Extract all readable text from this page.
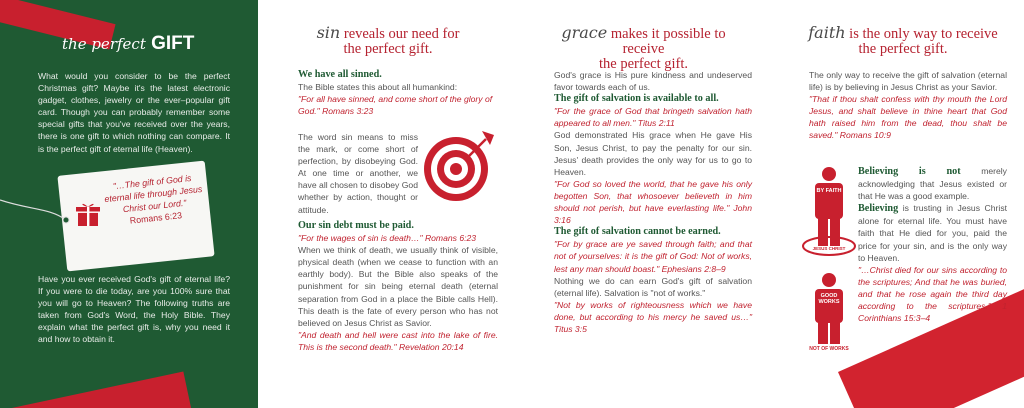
the perfect GIFT
What would you consider to be the perfect Christmas gift? Maybe it's the latest electronic gadget, clothes, jewelry or the ever–popular gift card. Though you can probably remember some special gifts that you've received over the years, there is one gift to which nothing can compare. It is the perfect gift of eternal life (Heaven).
"…The gift of God is eternal life through Jesus Christ our Lord."
Romans 6:23
Have you ever received God's gift of eternal life? If you were to die today, are you 100% sure that you will go to Heaven? The following truths are taken from God's Word, the Holy Bible. They explain what the perfect gift is, why you need it and how to obtain it.
sin reveals our need for
the perfect gift.

We have all sinned.

The Bible states this about all humankind:

"For all have sinned, and come short of the glory of God." Romans 3:23

The word sin means to miss the mark, or come short of perfection, by disobeying God. At one time or another, we have all chosen to disobey God whether by action, thought or attitude.

Our sin debt must be paid.

"For the wages of sin is death…" Romans 6:23

When we think of death, we usually think of visible, physical death (when we cease to function with an earthly body). But the Bible also speaks of the punishment for sin being eternal death (eternal separation from God in a place the Bible calls Hell). This death is the fate of every person who has not believed on Jesus Christ as Savior.

"And death and hell were cast into the lake of fire. This is the second death." Revelation 20:14

grace makes it possible to receive
the perfect gift.

God's grace is His pure kindness and undeserved favor towards each of us.

The gift of salvation is available to all.

"For the grace of God that bringeth salvation hath appeared to all men." Titus 2:11

God demonstrated His grace when He gave His Son, Jesus Christ, to pay the penalty for our sin. Jesus' death provides the only way for us to go to Heaven.

"For God so loved the world, that he gave his only begotten Son, that whosoever believeth in him should not perish, but have everlasting life." John 3:16

The gift of salvation cannot be earned.

"For by grace are ye saved through faith; and that not of yourselves: it is the gift of God: Not of works, lest any man should boast." Ephesians 2:8–9

Nothing we do can earn God's gift of salvation (eternal life). Salvation is "not of works."

"Not by works of righteousness which we have done, but according to his mercy he saved us…" Titus 3:5

faith is the only way to receive
the perfect gift.

The only way to receive the gift of salvation (eternal life) is by believing in Jesus Christ as your Savior.

"That if thou shalt confess with thy mouth the Lord Jesus, and shalt believe in thine heart that God hath raised him from the dead, thou shalt be saved." Romans 10:9

BY FAITH
JESUS CHRIST
GOOD WORKS
NOT OF WORKS

Believing is not merely acknowledging that Jesus existed or that He was a good example.

Believing is trusting in Jesus Christ alone for eternal life. You must have faith that He died for you, paid the price for your sin, and is the only way to Heaven.

"…Christ died for our sins according to the scriptures; And that he was buried, and that he rose again the third day according to the scriptures." 1 Corinthians 15:3–4
